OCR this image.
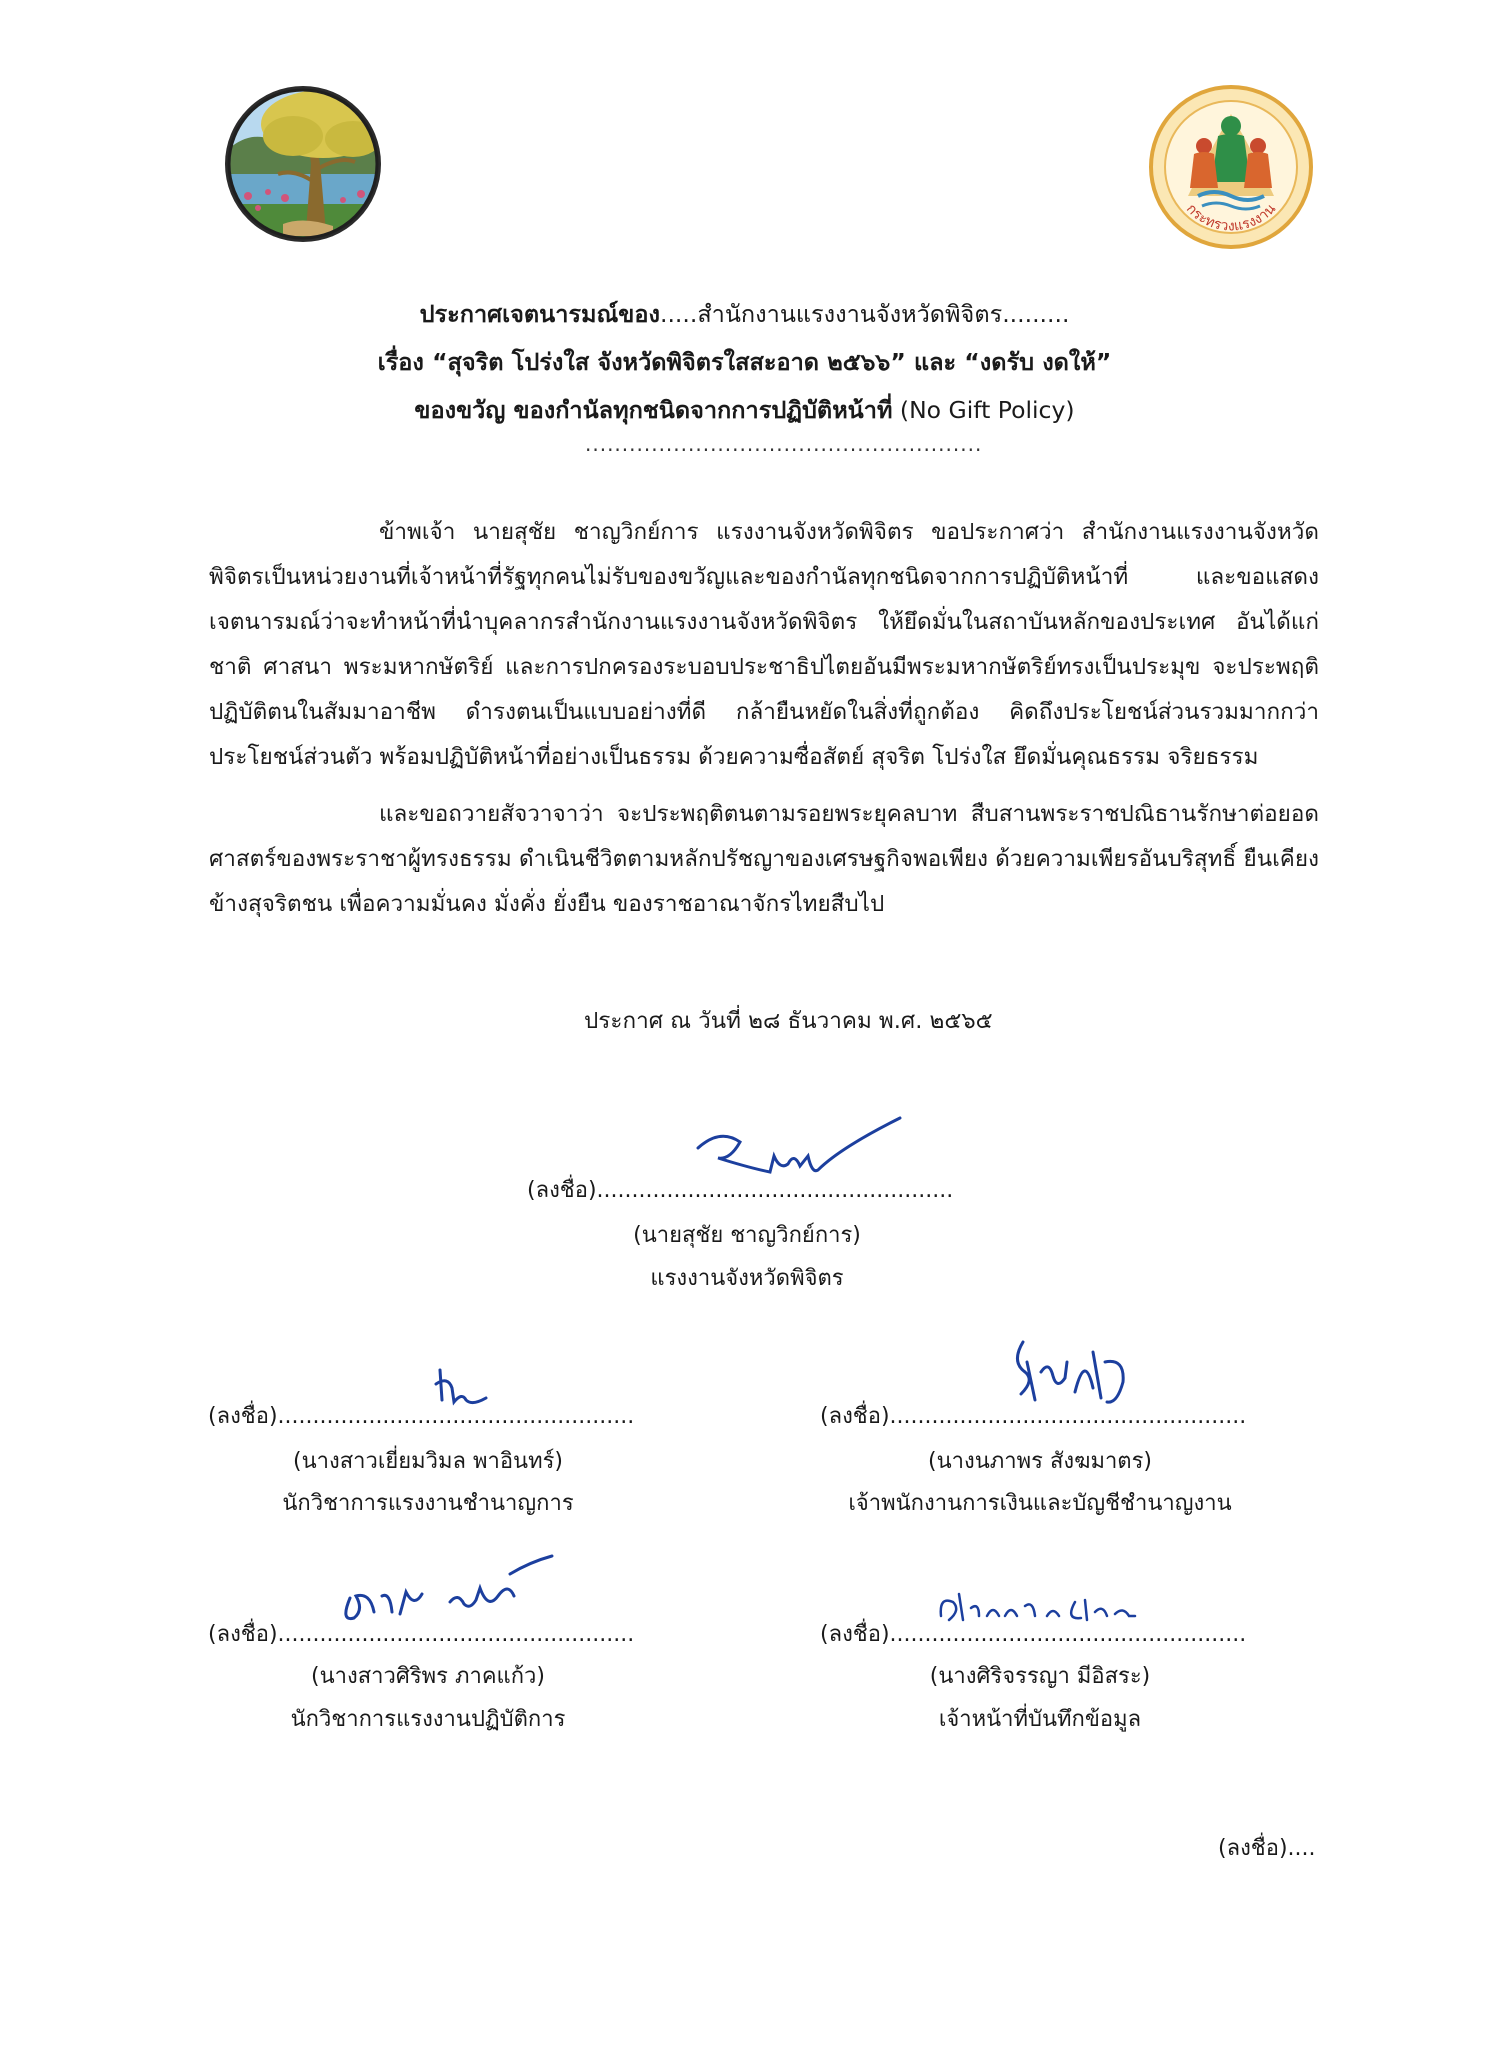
กระทรวงแรงงาน
ประกาศเจตนารมณ์ของ.....สำนักงานแรงงานจังหวัดพิจิตร.........
เรื่อง “สุจริต โปร่งใส จังหวัดพิจิตรใสสะอาด ๒๕๖๖” และ “งดรับ งดให้”
ของขวัญ ของกำนัลทุกชนิดจากการปฏิบัติหน้าที่ (No Gift Policy)
......................................................

ข้าพเจ้า นายสุชัย ชาญวิกย์การ แรงงานจังหวัดพิจิตร ขอประกาศว่า สำนักงานแรงงานจังหวัดพิจิตรเป็นหน่วยงานที่เจ้าหน้าที่รัฐทุกคนไม่รับของขวัญและของกำนัลทุกชนิดจากการปฏิบัติหน้าที่ และขอแสดงเจตนารมณ์ว่าจะทำหน้าที่นำบุคลากรสำนักงานแรงงานจังหวัดพิจิตร ให้ยึดมั่นในสถาบันหลักของประเทศ อันได้แก่ ชาติ ศาสนา พระมหากษัตริย์ และการปกครองระบอบประชาธิปไตยอันมีพระมหากษัตริย์ทรงเป็นประมุข จะประพฤติปฏิบัติตนในสัมมาอาชีพ ดำรงตนเป็นแบบอย่างที่ดี กล้ายืนหยัดในสิ่งที่ถูกต้อง คิดถึงประโยชน์ส่วนรวมมากกว่าประโยชน์ส่วนตัว พร้อมปฏิบัติหน้าที่อย่างเป็นธรรม ด้วยความซื่อสัตย์ สุจริต โปร่งใส ยึดมั่นคุณธรรม จริยธรรม

และขอถวายสัจวาจาว่า จะประพฤติตนตามรอยพระยุคลบาท สืบสานพระราชปณิธานรักษาต่อยอดศาสตร์ของพระราชาผู้ทรงธรรม ดำเนินชีวิตตามหลักปรัชญาของเศรษฐกิจพอเพียง ด้วยความเพียรอันบริสุทธิ์ ยืนเคียงข้างสุจริตชน เพื่อความมั่นคง มั่งคั่ง ยั่งยืน ของราชอาณาจักรไทยสืบไป

ประกาศ ณ วันที่ ๒๘ ธันวาคม พ.ศ. ๒๕๖๕
(ลงชื่อ)...................................................
(นายสุชัย ชาญวิกย์การ)
แรงงานจังหวัดพิจิตร
(ลงชื่อ)...................................................
(นางสาวเยี่ยมวิมล พาอินทร์)
นักวิชาการแรงงานชำนาญการ
(ลงชื่อ)...................................................
(นางนภาพร สังฆมาตร)
เจ้าพนักงานการเงินและบัญชีชำนาญงาน
(ลงชื่อ)...................................................
(นางสาวศิริพร ภาคแก้ว)
นักวิชาการแรงงานปฏิบัติการ
(ลงชื่อ)...................................................
(นางศิริจรรญา มีอิสระ)
เจ้าหน้าที่บันทึกข้อมูล
(ลงชื่อ)....
